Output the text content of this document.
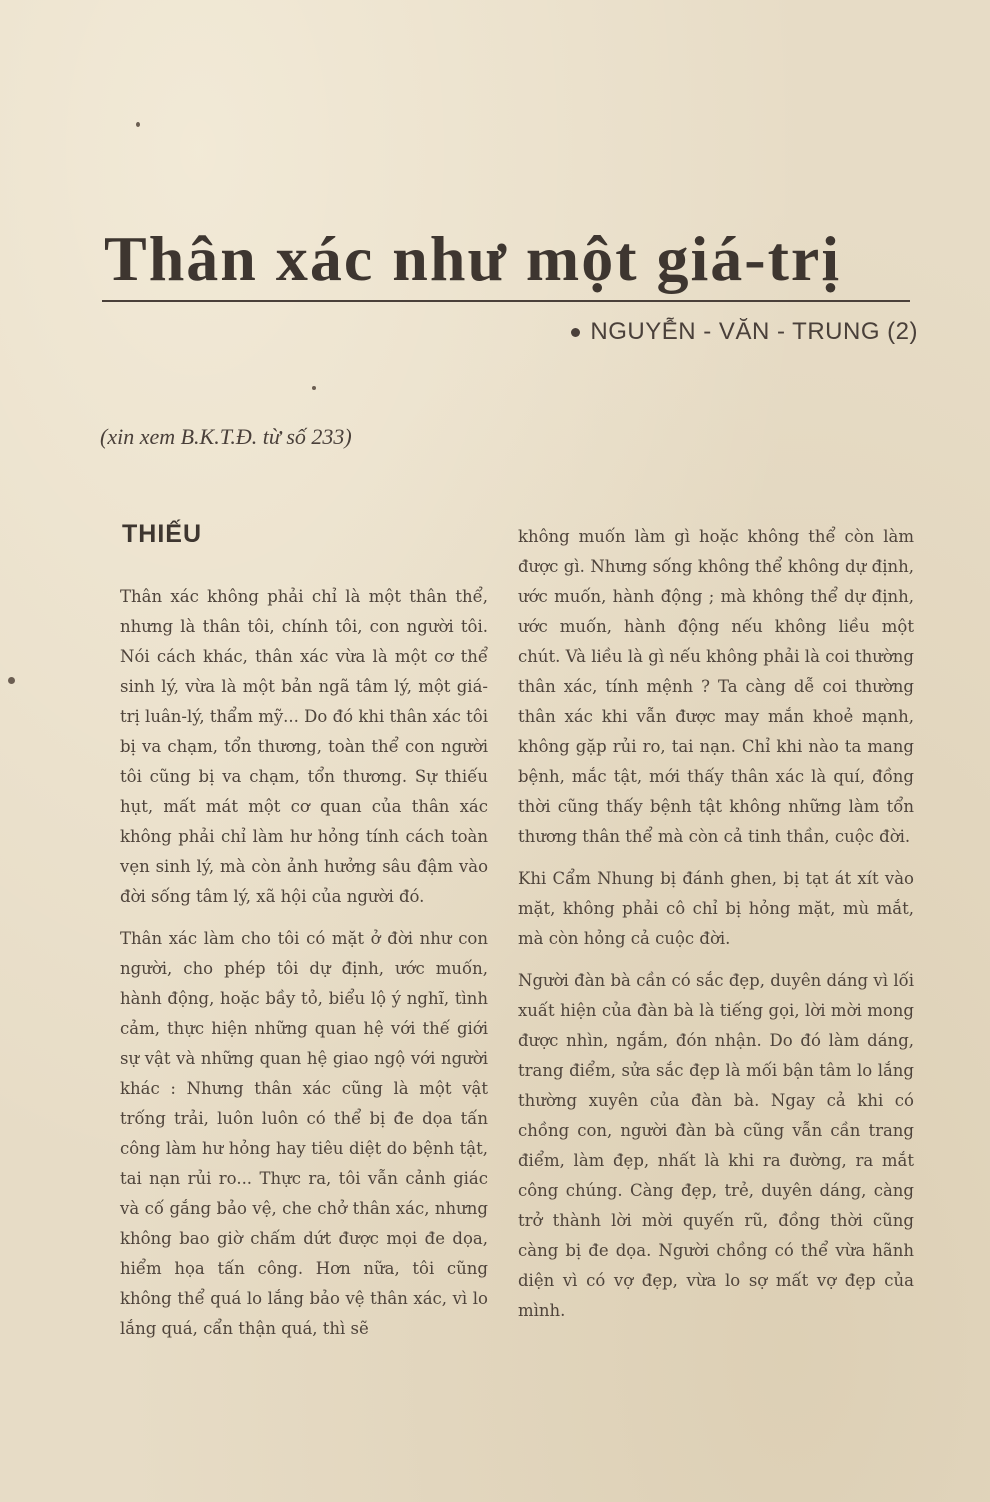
Thân xác như một giá-trị
NGUYỄN - VĂN - TRUNG (2)
(xin xem B.K.T.Đ. từ số 233)
THIẾU

Thân xác không phải chỉ là một thân thể, nhưng là thân tôi, chính tôi, con người tôi. Nói cách khác, thân xác vừa là một cơ thể sinh lý, vừa là một bản ngã tâm lý, một giá-trị luân-lý, thẩm mỹ... Do đó khi thân xác tôi bị va chạm, tổn thương, toàn thể con người tôi cũng bị va chạm, tổn thương. Sự thiếu hụt, mất mát một cơ quan của thân xác không phải chỉ làm hư hỏng tính cách toàn vẹn sinh lý, mà còn ảnh hưởng sâu đậm vào đời sống tâm lý, xã hội của người đó.

Thân xác làm cho tôi có mặt ở đời như con người, cho phép tôi dự định, ước muốn, hành động, hoặc bầy tỏ, biểu lộ ý nghĩ, tình cảm, thực hiện những quan hệ với thế giới sự vật và những quan hệ giao ngộ với người khác : Nhưng thân xác cũng là một vật trống trải, luôn luôn có thể bị đe dọa tấn công làm hư hỏng hay tiêu diệt do bệnh tật, tai nạn rủi ro... Thực ra, tôi vẫn cảnh giác và cố gắng bảo vệ, che chở thân xác, nhưng không bao giờ chấm dứt được mọi đe dọa, hiểm họa tấn công. Hơn nữa, tôi cũng không thể quá lo lắng bảo vệ thân xác, vì lo lắng quá, cẩn thận quá, thì sẽ

không muốn làm gì hoặc không thể còn làm được gì. Nhưng sống không thể không dự định, ước muốn, hành động ; mà không thể dự định, ước muốn, hành động nếu không liều một chút. Và liều là gì nếu không phải là coi thường thân xác, tính mệnh ? Ta càng dễ coi thường thân xác khi vẫn được may mắn khoẻ mạnh, không gặp rủi ro, tai nạn. Chỉ khi nào ta mang bệnh, mắc tật, mới thấy thân xác là quí, đồng thời cũng thấy bệnh tật không những làm tổn thương thân thể mà còn cả tinh thần, cuộc đời.

Khi Cẩm Nhung bị đánh ghen, bị tạt át xít vào mặt, không phải cô chỉ bị hỏng mặt, mù mắt, mà còn hỏng cả cuộc đời.

Người đàn bà cần có sắc đẹp, duyên dáng vì lối xuất hiện của đàn bà là tiếng gọi, lời mời mong được nhìn, ngắm, đón nhận. Do đó làm dáng, trang điểm, sửa sắc đẹp là mối bận tâm lo lắng thường xuyên của đàn bà. Ngay cả khi có chồng con, người đàn bà cũng vẫn cần trang điểm, làm đẹp, nhất là khi ra đường, ra mắt công chúng. Càng đẹp, trẻ, duyên dáng, càng trở thành lời mời quyến rũ, đồng thời cũng càng bị đe dọa. Người chồng có thể vừa hãnh diện vì có vợ đẹp, vừa lo sợ mất vợ đẹp của mình.
